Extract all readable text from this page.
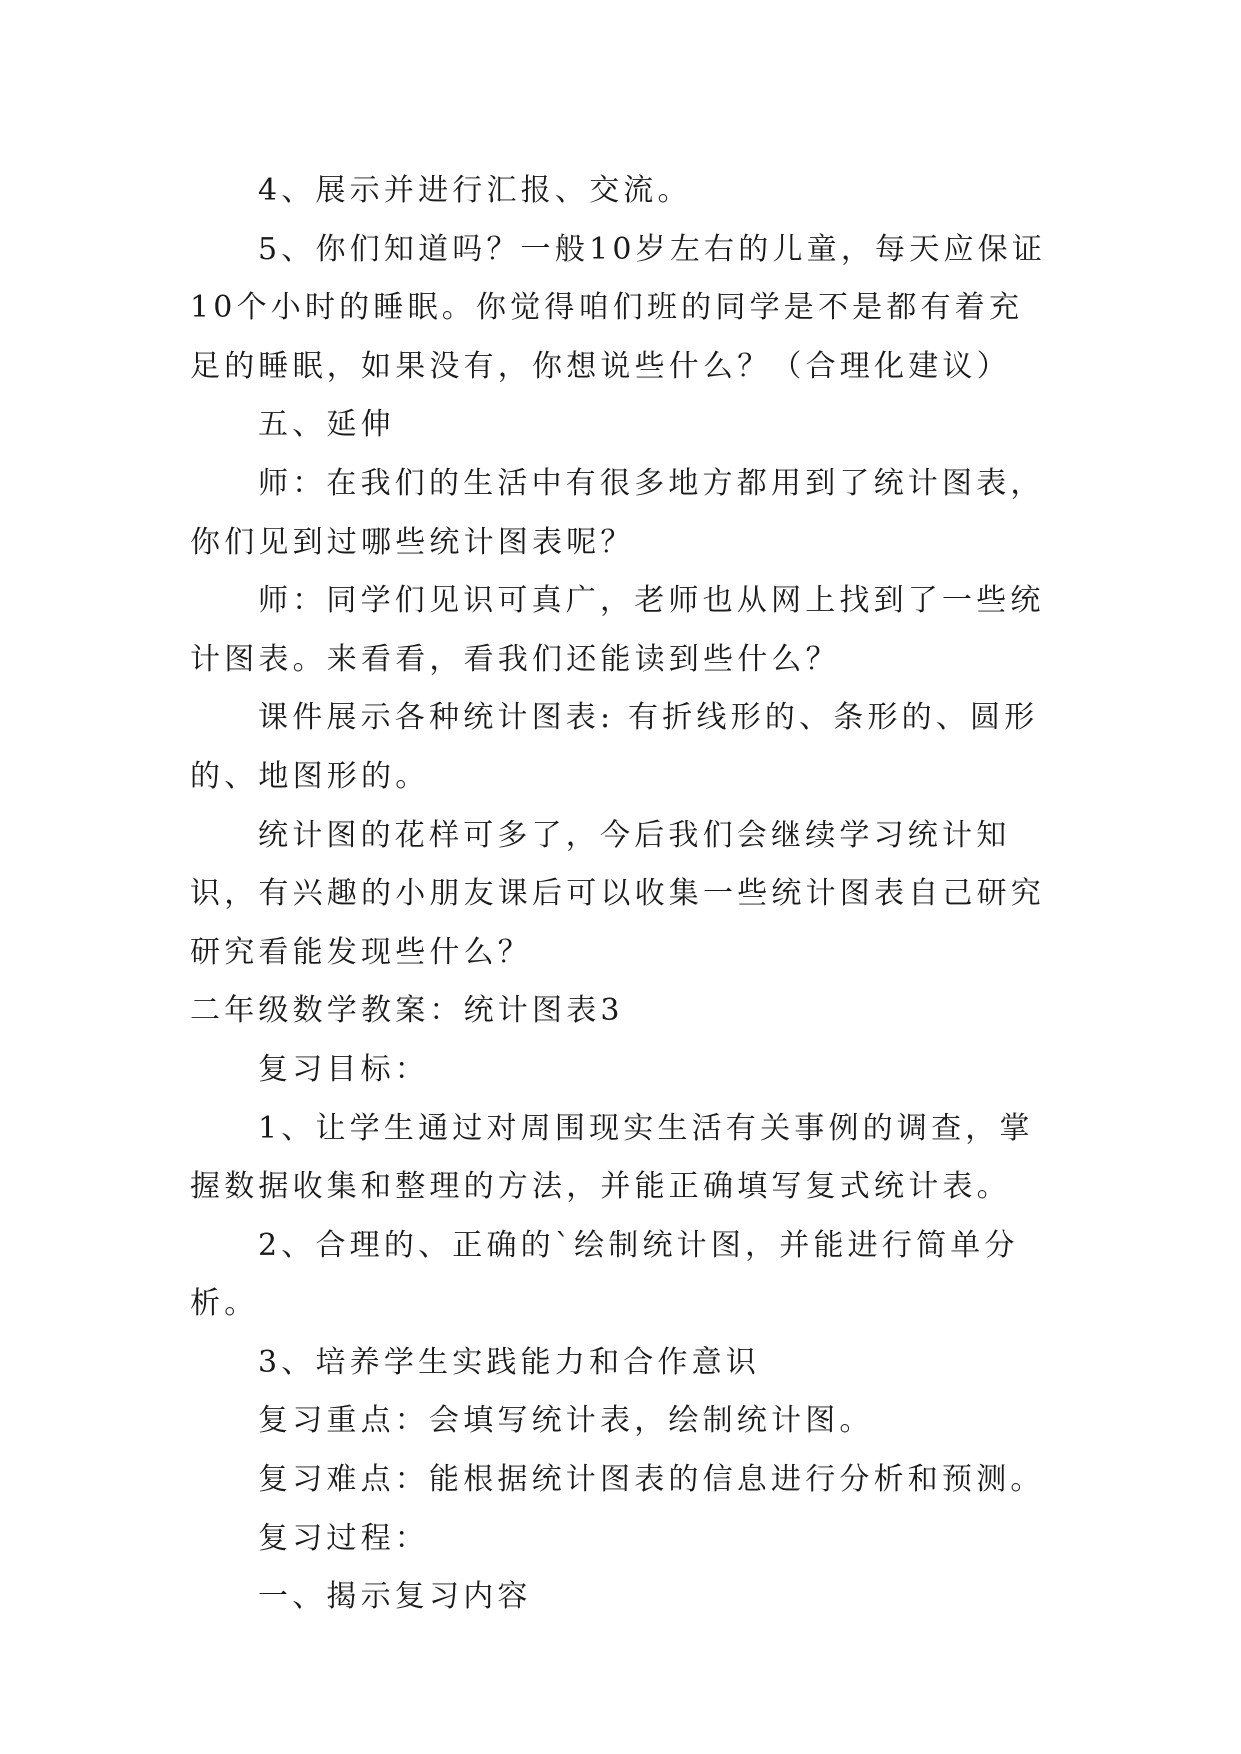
4、展示并进行汇报、交流。

5、你们知道吗？一般10岁左右的儿童，每天应保证10个小时的睡眠。你觉得咱们班的同学是不是都有着充足的睡眠，如果没有，你想说些什么？（合理化建议）

五、延伸

师：在我们的生活中有很多地方都用到了统计图表，你们见到过哪些统计图表呢？

师：同学们见识可真广，老师也从网上找到了一些统计图表。来看看，看我们还能读到些什么？

课件展示各种统计图表: 有折线形的、条形的、圆形的、地图形的。

统计图的花样可多了，今后我们会继续学习统计知识，有兴趣的小朋友课后可以收集一些统计图表自己研究研究看能发现些什么？

二年级数学教案：统计图表3

复习目标：

1、让学生通过对周围现实生活有关事例的调查，掌握数据收集和整理的方法，并能正确填写复式统计表。

2、合理的、正确的`绘制统计图，并能进行简单分析。

3、培养学生实践能力和合作意识

复习重点：会填写统计表，绘制统计图。

复习难点：能根据统计图表的信息进行分析和预测。

复习过程：

一、揭示复习内容
